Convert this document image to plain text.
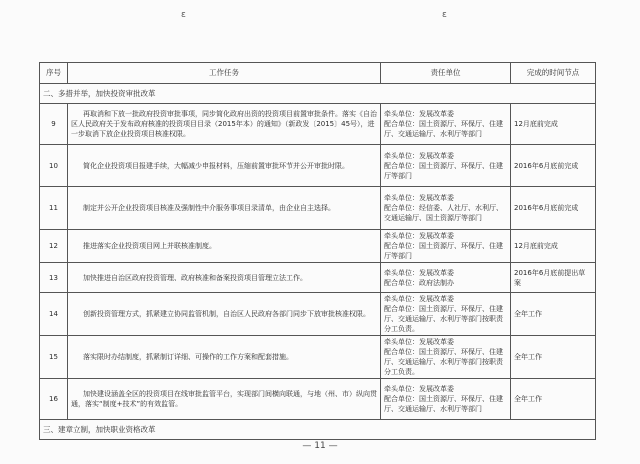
ε	ε
序号	工作任务	责任单位	完成的时间节点
二、多措并举，加快投资审批改革			
9	再取消和下放一批政府投资审批事项，同步简化政府出资的投资项目前置审批条件。落实《自治区人民政府关于发布政府核准的投资项目目录（2015年本）的通知》（新政发〔2015〕45号），进一步取消下放企业投资项目核准权限。	牵头单位：发展改革委
配合单位：国土资源厅、环保厅、住建厅、交通运输厅、水利厅等部门	12月底前完成
10	简化企业投资项目报建手续，大幅减少申报材料，压缩前置审批环节并公开审批时限。	牵头单位：发展改革委
配合单位：国土资源厅、环保厅、住建厅等部门	2016年6月底前完成
11	制定并公开企业投资项目核准及强制性中介服务事项目录清单，由企业自主选择。	牵头单位：发展改革委
配合单位：经信委、人社厅、水利厅、交通运输厅、国土资源厅等部门	2016年6月底前完成
12	推进落实企业投资项目网上并联核准制度。	牵头单位：发展改革委
配合单位：国土资源厅、环保厅、住建厅等部门	12月底前完成
13	加快推进自治区政府投资管理、政府核准和备案投资项目管理立法工作。	牵头单位：发展改革委
配合单位：政府法制办	2016年6月底前提出草案
14	创新投资管理方式，抓紧建立协同监管机制，自治区人民政府各部门同步下放审批核准权限。	牵头单位：发展改革委
配合单位：国土资源厅、环保厅、住建厅、交通运输厅、水利厅等部门按职责分工负责。	全年工作
15	落实限时办结制度，抓紧制订详细、可操作的工作方案和配套措施。	牵头单位：发展改革委
配合单位：国土资源厅、环保厅、住建厅、交通运输厅、水利厅等部门按职责分工负责。	全年工作
16	加快建设涵盖全区的投资项目在线审批监管平台，实现部门间横向联通，与地（州、市）纵向贯通，落实“制度+技术”的有效监管。	牵头单位：发展改革委
配合单位：国土资源厅、环保厅、住建厅、交通运输厅、水利厅等部门	全年工作
三、建章立制，加快职业资格改革			
— 11 —
